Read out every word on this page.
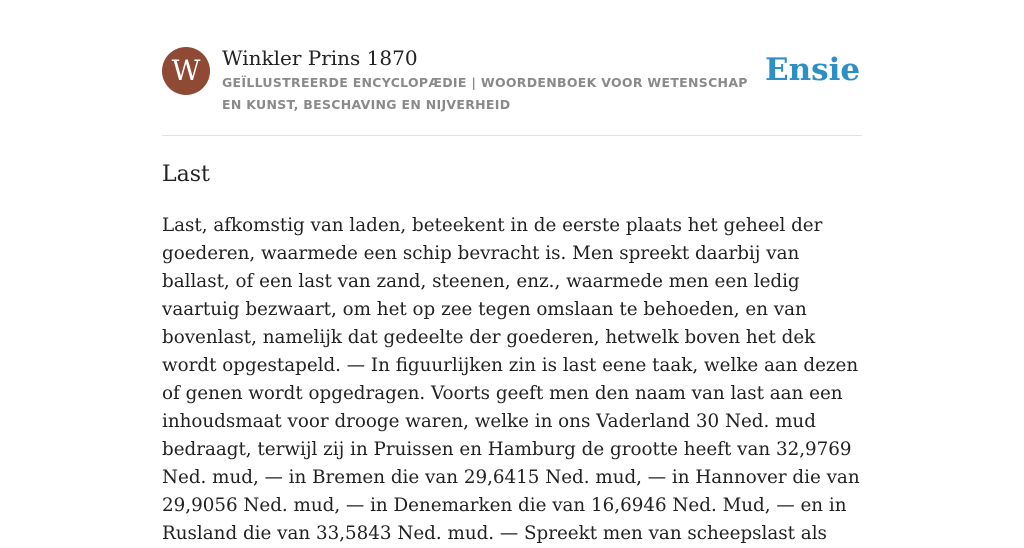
W	Winkler Prins 1870
GEÏLLUSTREERDE ENCYCLOPÆDIE | WOORDENBOEK VOOR WETENSCHAP EN KUNST, BESCHAVING EN NIJVERHEID
Ensie
Last

Last, afkomstig van laden, beteekent in de eerste plaats het geheel der goederen, waarmede een schip bevracht is. Men spreekt daarbij van ballast, of een last van zand, steenen, enz., waarmede men een ledig vaartuig bezwaart, om het op zee tegen omslaan te behoeden, en van bovenlast, namelijk dat gedeelte der goederen, hetwelk boven het dek wordt opgestapeld. — In figuurlijken zin is last eene taak, welke aan dezen of genen wordt opgedragen. Voorts geeft men den naam van last aan een inhoudsmaat voor drooge waren, welke in ons Vaderland 30 Ned. mud bedraagt, terwijl zij in Pruissen en Hamburg de grootte heeft van 32,9769 Ned. mud, — in Bremen die van 29,6415 Ned. mud, — in Hannover die van 29,9056 Ned. mud, — in Denemarken die van 16,6946 Ned. Mud, — en in Rusland die van 33,5843 Ned. mud. — Spreekt men van scheepslast als
